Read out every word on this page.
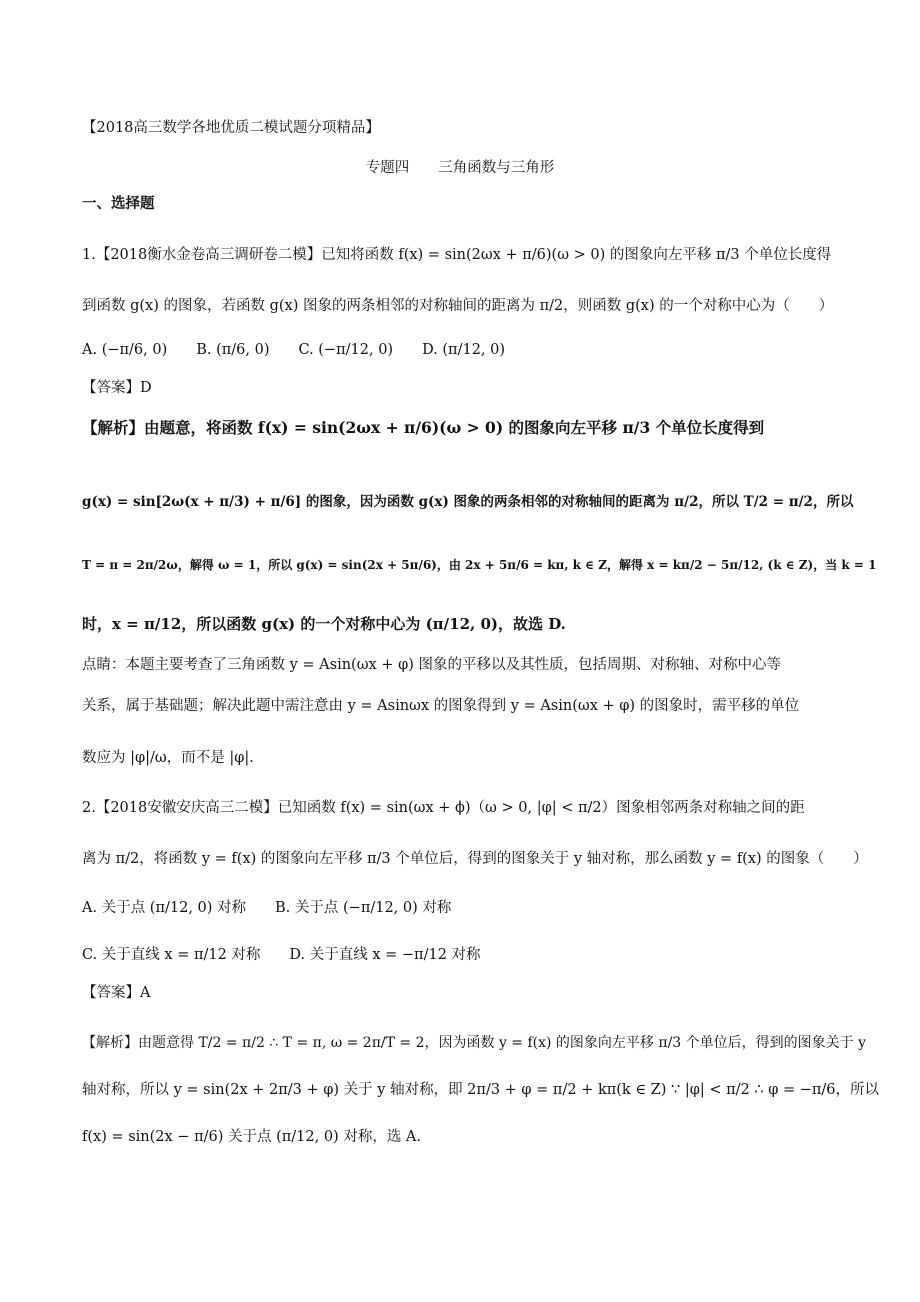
【2018高三数学各地优质二模试题分项精品】
专题四　　三角函数与三角形
一、选择题
1.【2018衡水金卷高三调研卷二模】已知将函数 f(x) = sin(2ωx + π/6)(ω > 0) 的图象向左平移 π/3 个单位长度得
到函数 g(x) 的图象，若函数 g(x) 图象的两条相邻的对称轴间的距离为 π/2，则函数 g(x) 的一个对称中心为（　　）
A. (−π/6, 0)　　B. (π/6, 0)　　C. (−π/12, 0)　　D. (π/12, 0)
【答案】D
【解析】由题意，将函数 f(x) = sin(2ωx + π/6)(ω > 0) 的图象向左平移 π/3 个单位长度得到
g(x) = sin[2ω(x + π/3) + π/6] 的图象，因为函数 g(x) 图象的两条相邻的对称轴间的距离为 π/2，所以 T/2 = π/2，所以
T = π = 2π/2ω，解得 ω = 1，所以 g(x) = sin(2x + 5π/6)，由 2x + 5π/6 = kπ, k ∈ Z，解得 x = kπ/2 − 5π/12, (k ∈ Z)，当 k = 1
时，x = π/12，所以函数 g(x) 的一个对称中心为 (π/12, 0)，故选 D.
点睛：本题主要考查了三角函数 y = Asin(ωx + φ) 图象的平移以及其性质，包括周期、对称轴、对称中心等
关系，属于基础题；解决此题中需注意由 y = Asinωx 的图象得到 y = Asin(ωx + φ) 的图象时，需平移的单位
数应为 |φ|/ω，而不是 |φ|.
2.【2018安徽安庆高三二模】已知函数 f(x) = sin(ωx + ϕ)（ω > 0, |φ| < π/2）图象相邻两条对称轴之间的距
离为 π/2，将函数 y = f(x) 的图象向左平移 π/3 个单位后，得到的图象关于 y 轴对称，那么函数 y = f(x) 的图象（　　）
A. 关于点 (π/12, 0) 对称　　B. 关于点 (−π/12, 0) 对称
C. 关于直线 x = π/12 对称　　D. 关于直线 x = −π/12 对称
【答案】A
【解析】由题意得 T/2 = π/2 ∴ T = π, ω = 2π/T = 2，因为函数 y = f(x) 的图象向左平移 π/3 个单位后，得到的图象关于 y
轴对称，所以 y = sin(2x + 2π/3 + φ) 关于 y 轴对称，即 2π/3 + φ = π/2 + kπ(k ∈ Z) ∵ |φ| < π/2 ∴ φ = −π/6，所以
f(x) = sin(2x − π/6) 关于点 (π/12, 0) 对称，选 A.
